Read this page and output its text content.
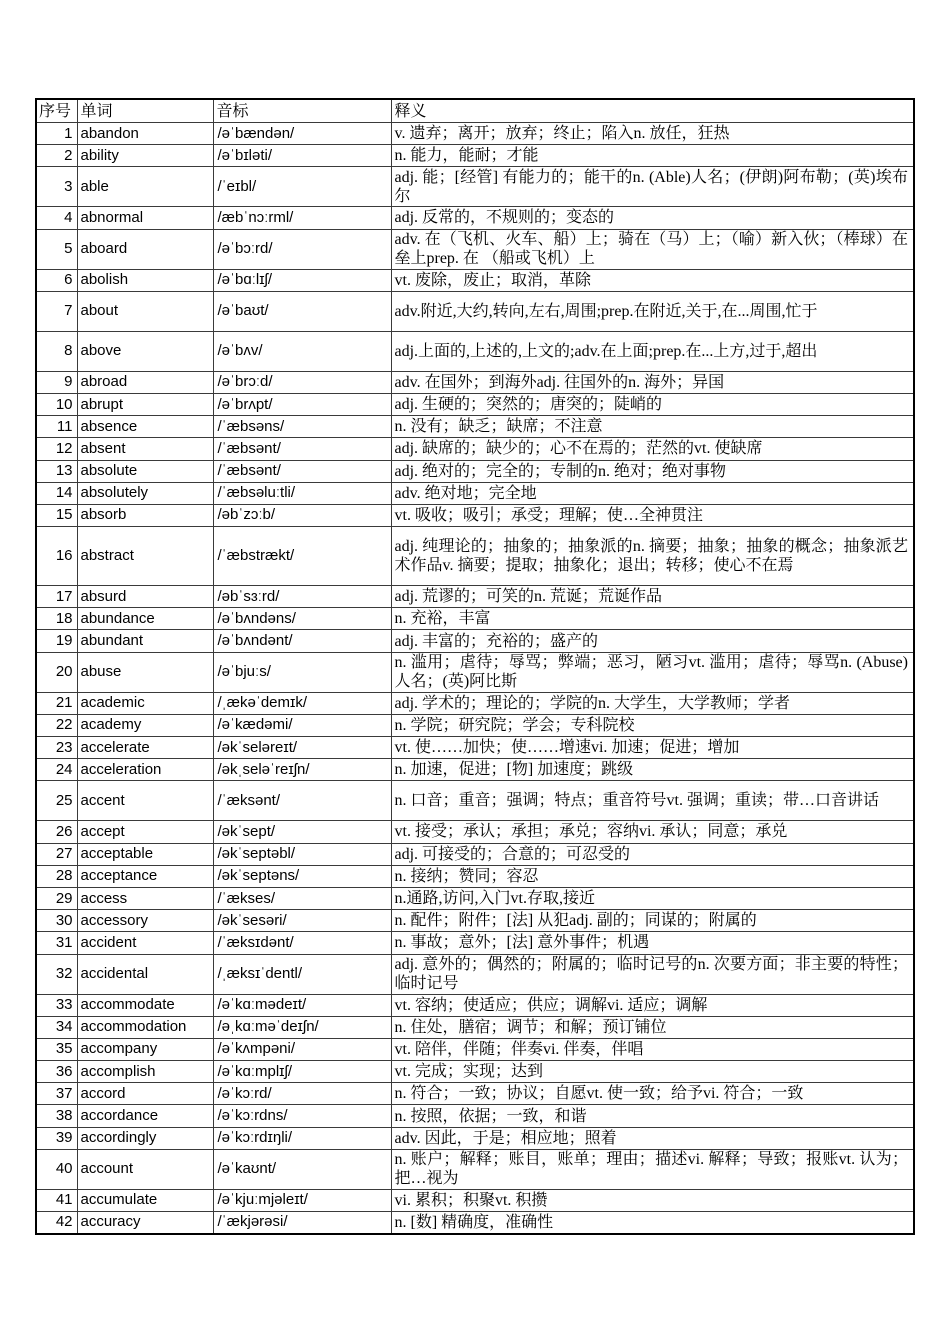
序号	单词	音标	释义
1	abandon	/əˈbændən/	v. 遗弃；离开；放弃；终止；陷入n. 放任，狂热
2	ability	/əˈbɪləti/	n. 能力，能耐；才能
3	able	/ˈeɪbl/	adj. 能；[经管] 有能力的；能干的n. (Able)人名；(伊朗)阿布勒；(英)埃布尔
4	abnormal	/æbˈnɔːrml/	adj. 反常的，不规则的；变态的
5	aboard	/əˈbɔːrd/	adv. 在（飞机、火车、船）上；骑在（马）上；（喻）新入伙；（棒球）在垒上prep. 在 （船或飞机）上
6	abolish	/əˈbɑːlɪʃ/	vt. 废除，废止；取消，革除
7	about	/əˈbaʊt/	adv.附近,大约,转向,左右,周围;prep.在附近,关于,在...周围,忙于
8	above	/əˈbʌv/	adj.上面的,上述的,上文的;adv.在上面;prep.在...上方,过于,超出
9	abroad	/əˈbrɔːd/	adv. 在国外；到海外adj. 往国外的n. 海外；异国
10	abrupt	/əˈbrʌpt/	adj. 生硬的；突然的；唐突的；陡峭的
11	absence	/ˈæbsəns/	n. 没有；缺乏；缺席；不注意
12	absent	/ˈæbsənt/	adj. 缺席的；缺少的；心不在焉的；茫然的vt. 使缺席
13	absolute	/ˈæbsənt/	adj. 绝对的；完全的；专制的n. 绝对；绝对事物
14	absolutely	/ˈæbsəluːtli/	adv. 绝对地；完全地
15	absorb	/əbˈzɔːb/	vt. 吸收；吸引；承受；理解；使…全神贯注
16	abstract	/ˈæbstrækt/	adj. 纯理论的；抽象的；抽象派的n. 摘要；抽象；抽象的概念；抽象派艺术作品v. 摘要；提取；抽象化；退出；转移；使心不在焉
17	absurd	/əbˈsɜːrd/	adj. 荒谬的；可笑的n. 荒诞；荒诞作品
18	abundance	/əˈbʌndəns/	n. 充裕，丰富
19	abundant	/əˈbʌndənt/	adj. 丰富的；充裕的；盛产的
20	abuse	/əˈbjuːs/	n. 滥用；虐待；辱骂；弊端；恶习，陋习vt. 滥用；虐待；辱骂n. (Abuse)人名；(英)阿比斯
21	academic	/ˌækəˈdemɪk/	adj. 学术的；理论的；学院的n. 大学生，大学教师；学者
22	academy	/əˈkædəmi/	n. 学院；研究院；学会；专科院校
23	accelerate	/əkˈseləreɪt/	vt. 使……加快；使……增速vi. 加速；促进；增加
24	acceleration	/əkˌseləˈreɪʃn/	n. 加速，促进；[物] 加速度；跳级
25	accent	/ˈæksənt/	n. 口音；重音；强调；特点；重音符号vt. 强调；重读；带…口音讲话
26	accept	/əkˈsept/	vt. 接受；承认；承担；承兑；容纳vi. 承认；同意；承兑
27	acceptable	/əkˈseptəbl/	adj. 可接受的；合意的；可忍受的
28	acceptance	/əkˈseptəns/	n. 接纳；赞同；容忍
29	access	/ˈækses/	n.通路,访问,入门vt.存取,接近
30	accessory	/əkˈsesəri/	n. 配件；附件；[法] 从犯adj. 副的；同谋的；附属的
31	accident	/ˈæksɪdənt/	n. 事故；意外；[法] 意外事件；机遇
32	accidental	/ˌæksɪˈdentl/	adj. 意外的；偶然的；附属的；临时记号的n. 次要方面；非主要的特性；临时记号
33	accommodate	/əˈkɑːmədeɪt/	vt. 容纳；使适应；供应；调解vi. 适应；调解
34	accommodation	/əˌkɑːməˈdeɪʃn/	n. 住处，膳宿；调节；和解；预订铺位
35	accompany	/əˈkʌmpəni/	vt. 陪伴，伴随；伴奏vi. 伴奏，伴唱
36	accomplish	/əˈkɑːmplɪʃ/	vt. 完成；实现；达到
37	accord	/əˈkɔːrd/	n. 符合；一致；协议；自愿vt. 使一致；给予vi. 符合；一致
38	accordance	/əˈkɔːrdns/	n. 按照，依据；一致，和谐
39	accordingly	/əˈkɔːrdɪŋli/	adv. 因此，于是；相应地；照着
40	account	/əˈkaʊnt/	n. 账户；解释；账目，账单；理由；描述vi. 解释；导致；报账vt. 认为；把…视为
41	accumulate	/əˈkjuːmjəleɪt/	vi. 累积；积聚vt. 积攒
42	accuracy	/ˈækjərəsi/	n. [数] 精确度，准确性
